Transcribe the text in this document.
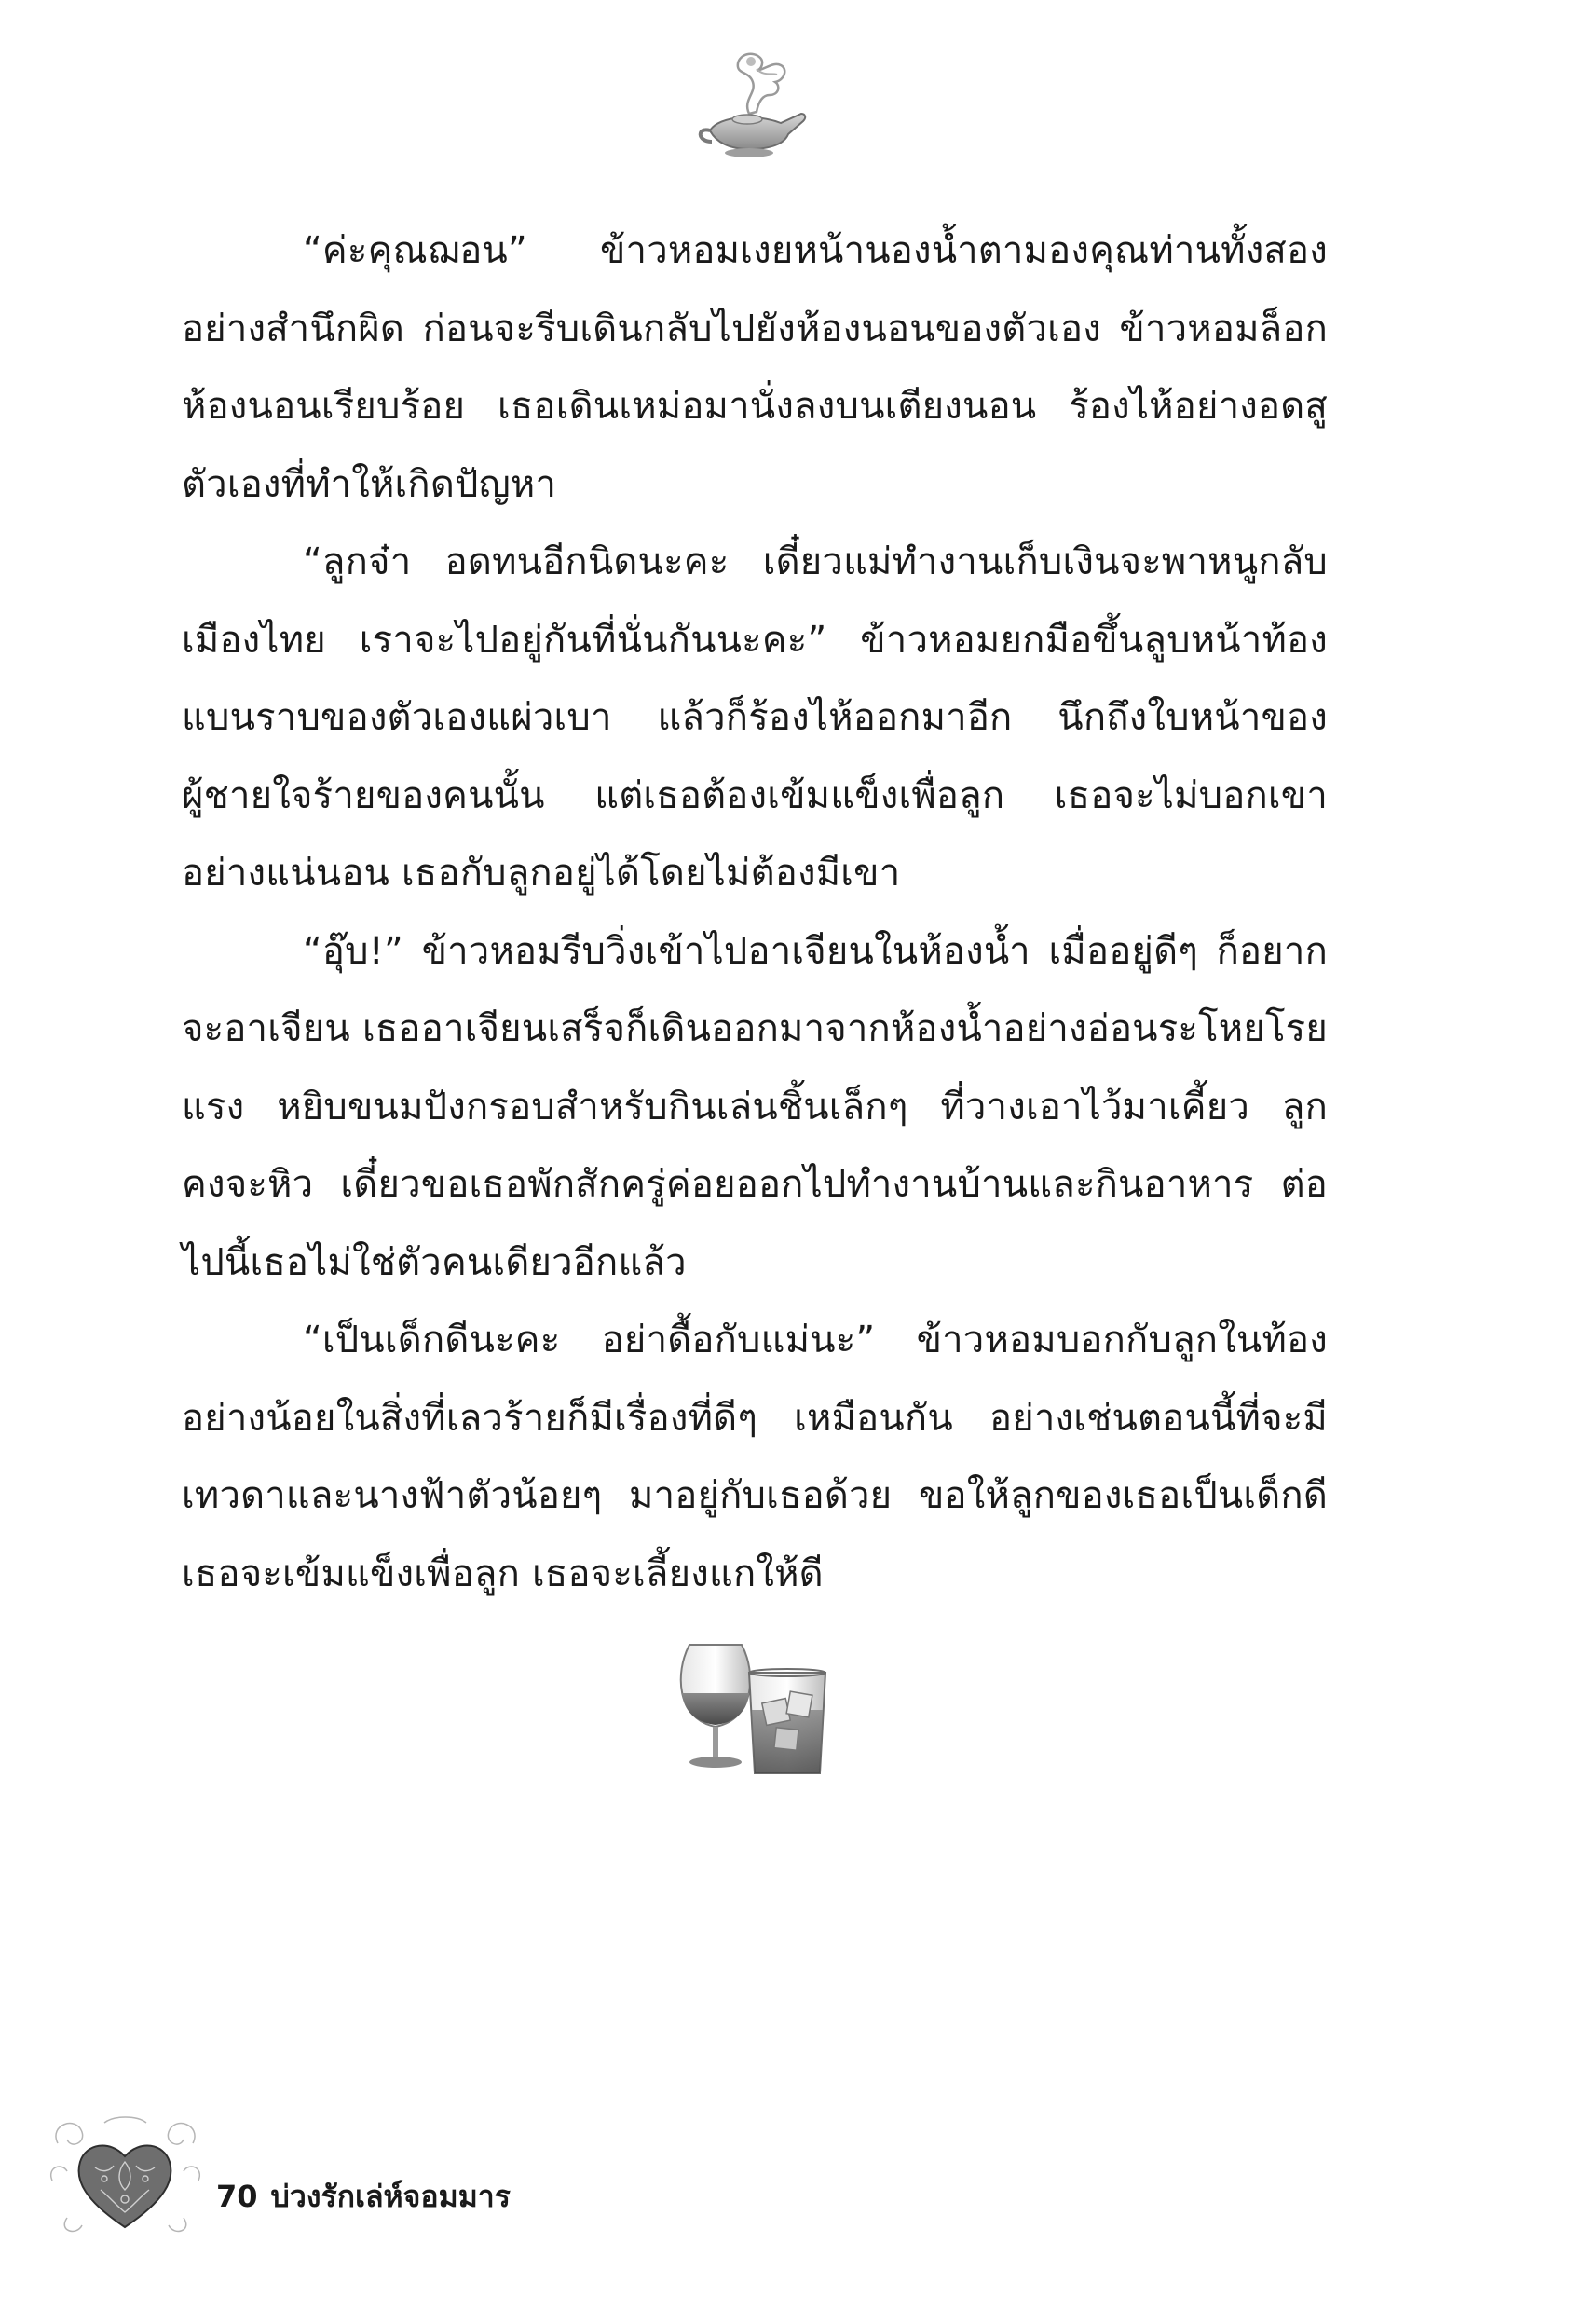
“ค่ะคุณฌอน” ข้าวหอมเงยหน้านองน้ำตามองคุณท่านทั้งสองอย่างสำนึกผิด ก่อนจะรีบเดินกลับไปยังห้องนอนของตัวเอง ข้าวหอมล็อกห้องนอนเรียบร้อย เธอเดินเหม่อมานั่งลงบนเตียงนอน ร้องไห้อย่างอดสูตัวเองที่ทำให้เกิดปัญหา

“ลูกจ๋า อดทนอีกนิดนะคะ เดี๋ยวแม่ทำงานเก็บเงินจะพาหนูกลับเมืองไทย เราจะไปอยู่กันที่นั่นกันนะคะ” ข้าวหอมยกมือขึ้นลูบหน้าท้องแบนราบของตัวเองแผ่วเบา แล้วก็ร้องไห้ออกมาอีก นึกถึงใบหน้าของผู้ชายใจร้ายของคนนั้น แต่เธอต้องเข้มแข็งเพื่อลูก เธอจะไม่บอกเขาอย่างแน่นอน เธอกับลูกอยู่ได้โดยไม่ต้องมีเขา

“อุ๊บ!” ข้าวหอมรีบวิ่งเข้าไปอาเจียนในห้องน้ำ เมื่ออยู่ดีๆ ก็อยากจะอาเจียน เธออาเจียนเสร็จก็เดินออกมาจากห้องน้ำอย่างอ่อนระโหยโรยแรง หยิบขนมปังกรอบสำหรับกินเล่นชิ้นเล็กๆ ที่วางเอาไว้มาเคี้ยว ลูกคงจะหิว เดี๋ยวขอเธอพักสักครู่ค่อยออกไปทำงานบ้านและกินอาหาร ต่อไปนี้เธอไม่ใช่ตัวคนเดียวอีกแล้ว

“เป็นเด็กดีนะคะ อย่าดื้อกับแม่นะ” ข้าวหอมบอกกับลูกในท้องอย่างน้อยในสิ่งที่เลวร้ายก็มีเรื่องที่ดีๆ เหมือนกัน อย่างเช่นตอนนี้ที่จะมีเทวดาและนางฟ้าตัวน้อยๆ มาอยู่กับเธอด้วย ขอให้ลูกของเธอเป็นเด็กดี เธอจะเข้มแข็งเพื่อลูก เธอจะเลี้ยงแกให้ดี

70 บ่วงรักเล่ห์จอมมาร
